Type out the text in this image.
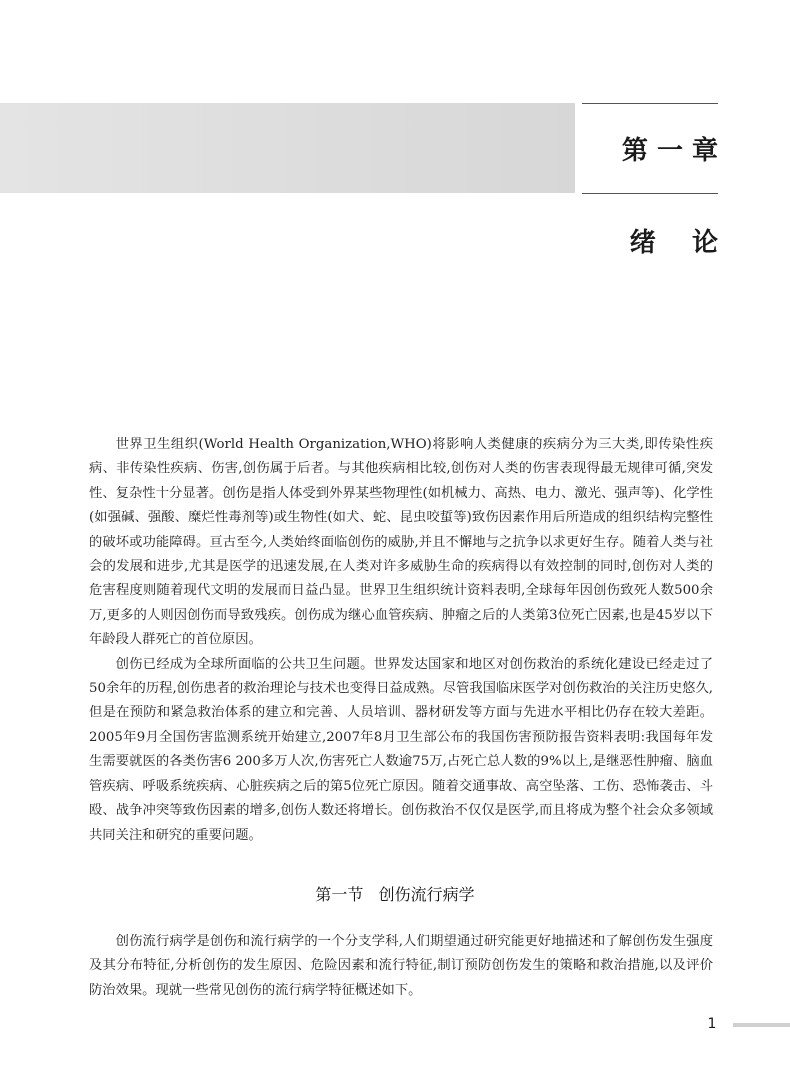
第 一 章
绪    论

世界卫生组织(World Health Organization,WHO)将影响人类健康的疾病分为三大类,即传染性疾病、非传染性疾病、伤害,创伤属于后者。与其他疾病相比较,创伤对人类的伤害表现得最无规律可循,突发性、复杂性十分显著。创伤是指人体受到外界某些物理性(如机械力、高热、电力、激光、强声等)、化学性(如强碱、强酸、糜烂性毒剂等)或生物性(如犬、蛇、昆虫咬蜇等)致伤因素作用后所造成的组织结构完整性的破坏或功能障碍。亘古至今,人类始终面临创伤的威胁,并且不懈地与之抗争以求更好生存。随着人类与社会的发展和进步,尤其是医学的迅速发展,在人类对许多威胁生命的疾病得以有效控制的同时,创伤对人类的危害程度则随着现代文明的发展而日益凸显。世界卫生组织统计资料表明,全球每年因创伤致死人数500余万,更多的人则因创伤而导致残疾。创伤成为继心血管疾病、肿瘤之后的人类第3位死亡因素,也是45岁以下年龄段人群死亡的首位原因。

创伤已经成为全球所面临的公共卫生问题。世界发达国家和地区对创伤救治的系统化建设已经走过了50余年的历程,创伤患者的救治理论与技术也变得日益成熟。尽管我国临床医学对创伤救治的关注历史悠久,但是在预防和紧急救治体系的建立和完善、人员培训、器材研发等方面与先进水平相比仍存在较大差距。2005年9月全国伤害监测系统开始建立,2007年8月卫生部公布的我国伤害预防报告资料表明:我国每年发生需要就医的各类伤害6 200多万人次,伤害死亡人数逾75万,占死亡总人数的9%以上,是继恶性肿瘤、脑血管疾病、呼吸系统疾病、心脏疾病之后的第5位死亡原因。随着交通事故、高空坠落、工伤、恐怖袭击、斗殴、战争冲突等致伤因素的增多,创伤人数还将增长。创伤救治不仅仅是医学,而且将成为整个社会众多领域共同关注和研究的重要问题。

第一节   创伤流行病学

创伤流行病学是创伤和流行病学的一个分支学科,人们期望通过研究能更好地描述和了解创伤发生强度及其分布特征,分析创伤的发生原因、危险因素和流行特征,制订预防创伤发生的策略和救治措施,以及评价防治效果。现就一些常见创伤的流行病学特征概述如下。

1
